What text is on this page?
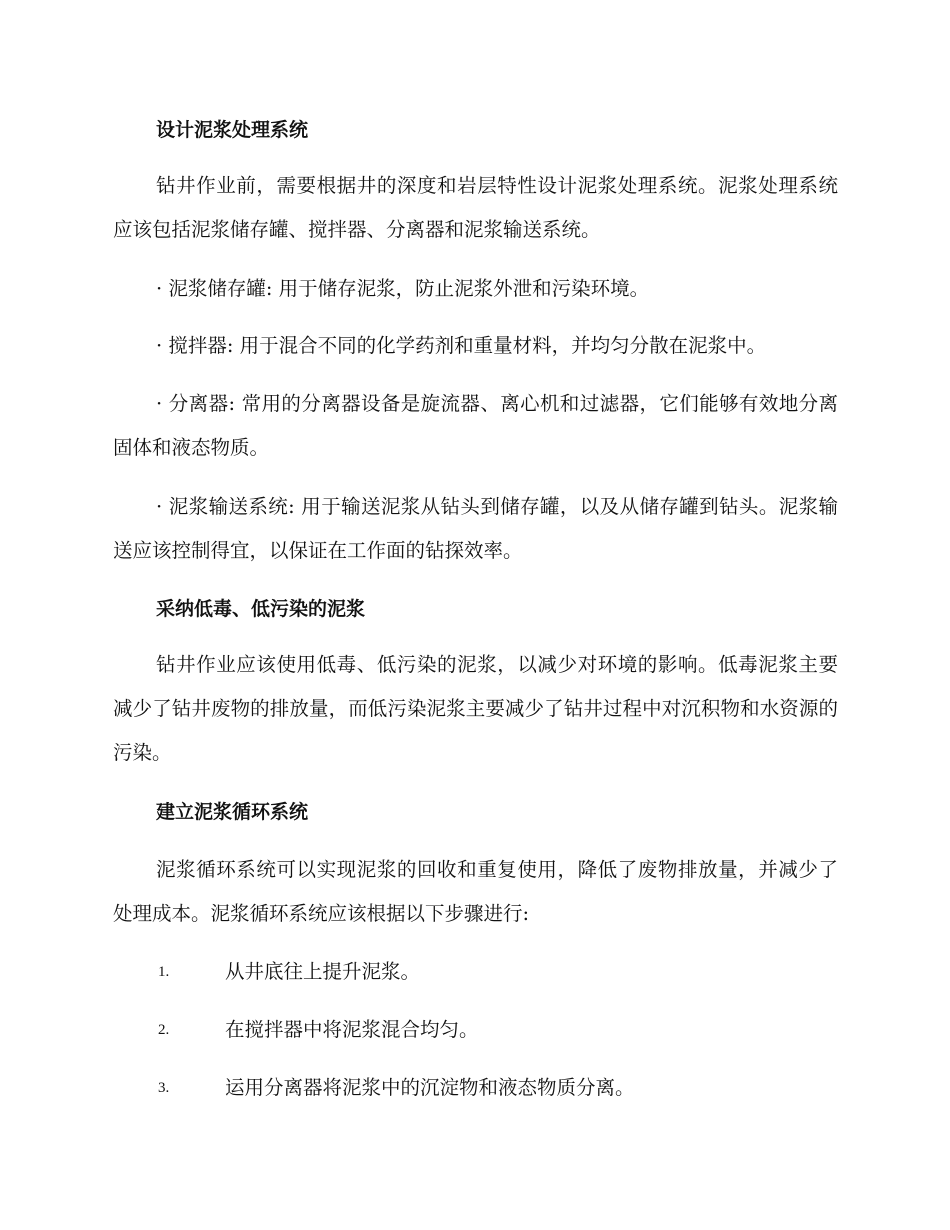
设计泥浆处理系统

钻井作业前，需要根据井的深度和岩层特性设计泥浆处理系统。泥浆处理系统应该包括泥浆储存罐、搅拌器、分离器和泥浆输送系统。

· 泥浆储存罐: 用于储存泥浆，防止泥浆外泄和污染环境。

· 搅拌器: 用于混合不同的化学药剂和重量材料，并均匀分散在泥浆中。

· 分离器: 常用的分离器设备是旋流器、离心机和过滤器，它们能够有效地分离固体和液态物质。

· 泥浆输送系统: 用于输送泥浆从钻头到储存罐，以及从储存罐到钻头。泥浆输送应该控制得宜，以保证在工作面的钻探效率。

采纳低毒、低污染的泥浆

钻井作业应该使用低毒、低污染的泥浆，以减少对环境的影响。低毒泥浆主要减少了钻井废物的排放量，而低污染泥浆主要减少了钻井过程中对沉积物和水资源的污染。

建立泥浆循环系统

泥浆循环系统可以实现泥浆的回收和重复使用，降低了废物排放量，并减少了处理成本。泥浆循环系统应该根据以下步骤进行:

1.	从井底往上提升泥浆。
2.	在搅拌器中将泥浆混合均匀。
3.	运用分离器将泥浆中的沉淀物和液态物质分离。
